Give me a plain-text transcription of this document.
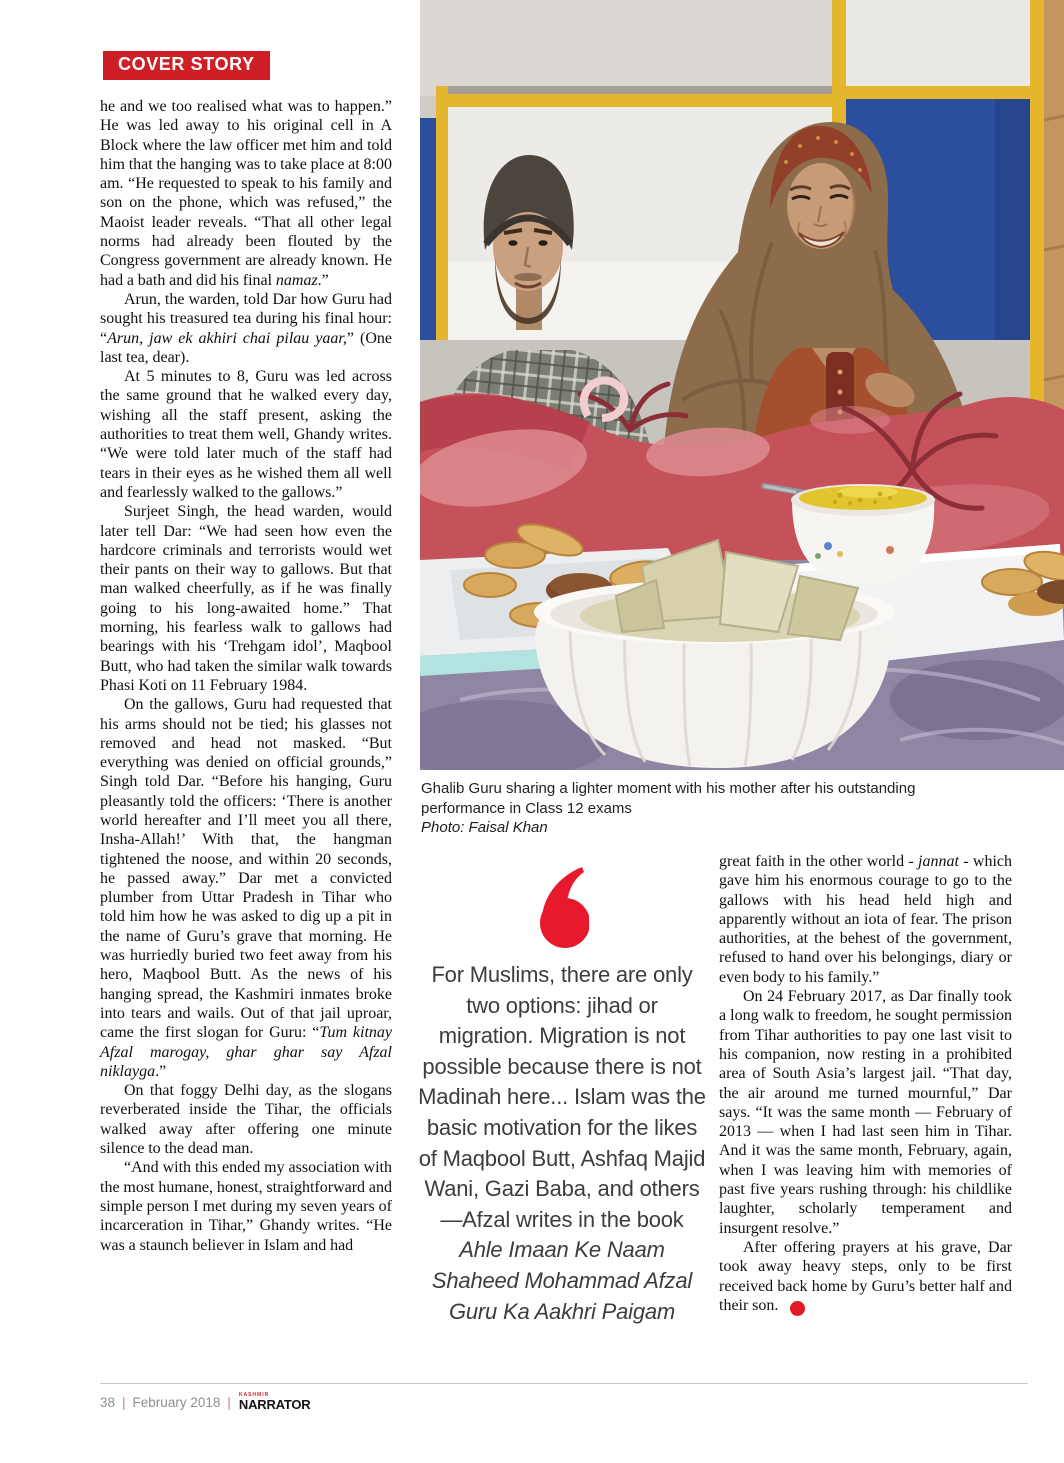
COVER STORY
Ghalib Guru sharing a lighter moment with his mother after his outstanding performance in Class 12 exams
Photo: Faisal Khan

he and we too realised what was to happen.” He was led away to his original cell in A Block where the law officer met him and told him that the hanging was to take place at 8:00 am. “He requested to speak to his family and son on the phone, which was refused,” the Maoist leader reveals. “That all other legal norms had already been flouted by the Congress government are already known. He had a bath and did his final namaz.”

Arun, the warden, told Dar how Guru had sought his treasured tea during his final hour: “Arun, jaw ek akhiri chai pilau yaar,” (One last tea, dear).

At 5 minutes to 8, Guru was led across the same ground that he walked every day, wishing all the staff present, asking the authorities to treat them well, Ghandy writes. “We were told later much of the staff had tears in their eyes as he wished them all well and fearlessly walked to the gallows.”

Surjeet Singh, the head warden, would later tell Dar: “We had seen how even the hardcore criminals and terrorists would wet their pants on their way to gallows. But that man walked cheerfully, as if he was finally going to his long-awaited home.” That morning, his fearless walk to gallows had bearings with his ‘Trehgam idol’, Maqbool Butt, who had taken the similar walk towards Phasi Koti on 11 February 1984.

On the gallows, Guru had requested that his arms should not be tied; his glasses not removed and head not masked. “But everything was denied on official grounds,” Singh told Dar. “Before his hanging, Guru pleasantly told the officers: ‘There is another world hereafter and I’ll meet you all there, Insha-Allah!’ With that, the hangman tightened the noose, and within 20 seconds, he passed away.” Dar met a convicted plumber from Uttar Pradesh in Tihar who told him how he was asked to dig up a pit in the name of Guru’s grave that morning. He was hurriedly buried two feet away from his hero, Maqbool Butt. As the news of his hanging spread, the Kashmiri inmates broke into tears and wails. Out of that jail uproar, came the first slogan for Guru: “Tum kitnay Afzal marogay, ghar ghar say Afzal niklayga.”

On that foggy Delhi day, as the slogans reverberated inside the Tihar, the officials walked away after offering one minute silence to the dead man.

“And with this ended my association with the most humane, honest, straightforward and simple person I met during my seven years of incarceration in Tihar,” Ghandy writes. “He was a staunch believer in Islam and had

For Muslims, there are only two options: jihad or migration. Migration is not possible because there is not Madinah here... Islam was the basic motivation for the likes of Maqbool Butt, Ashfaq Majid Wani, Gazi Baba, and others —Afzal writes in the book Ahle Imaan Ke Naam Shaheed Mohammad Afzal Guru Ka Aakhri Paigam

great faith in the other world - jannat - which gave him his enormous courage to go to the gallows with his head held high and apparently without an iota of fear. The prison authorities, at the behest of the government, refused to hand over his belongings, diary or even body to his family.”

On 24 February 2017, as Dar finally took a long walk to freedom, he sought permission from Tihar authorities to pay one last visit to his companion, now resting in a prohibited area of South Asia’s largest jail. “That day, the air around me turned mournful,” Dar says. “It was the same month — February of 2013 — when I had last seen him in Tihar. And it was the same month, February, again, when I was leaving him with memories of past five years rushing through: his childlike laughter, scholarly temperament and insurgent resolve.”

After offering prayers at his grave, Dar took away heavy steps, only to be first received back home by Guru’s better half and their son. N

38 | February 2018 | KASHMIR
NARRATOR
